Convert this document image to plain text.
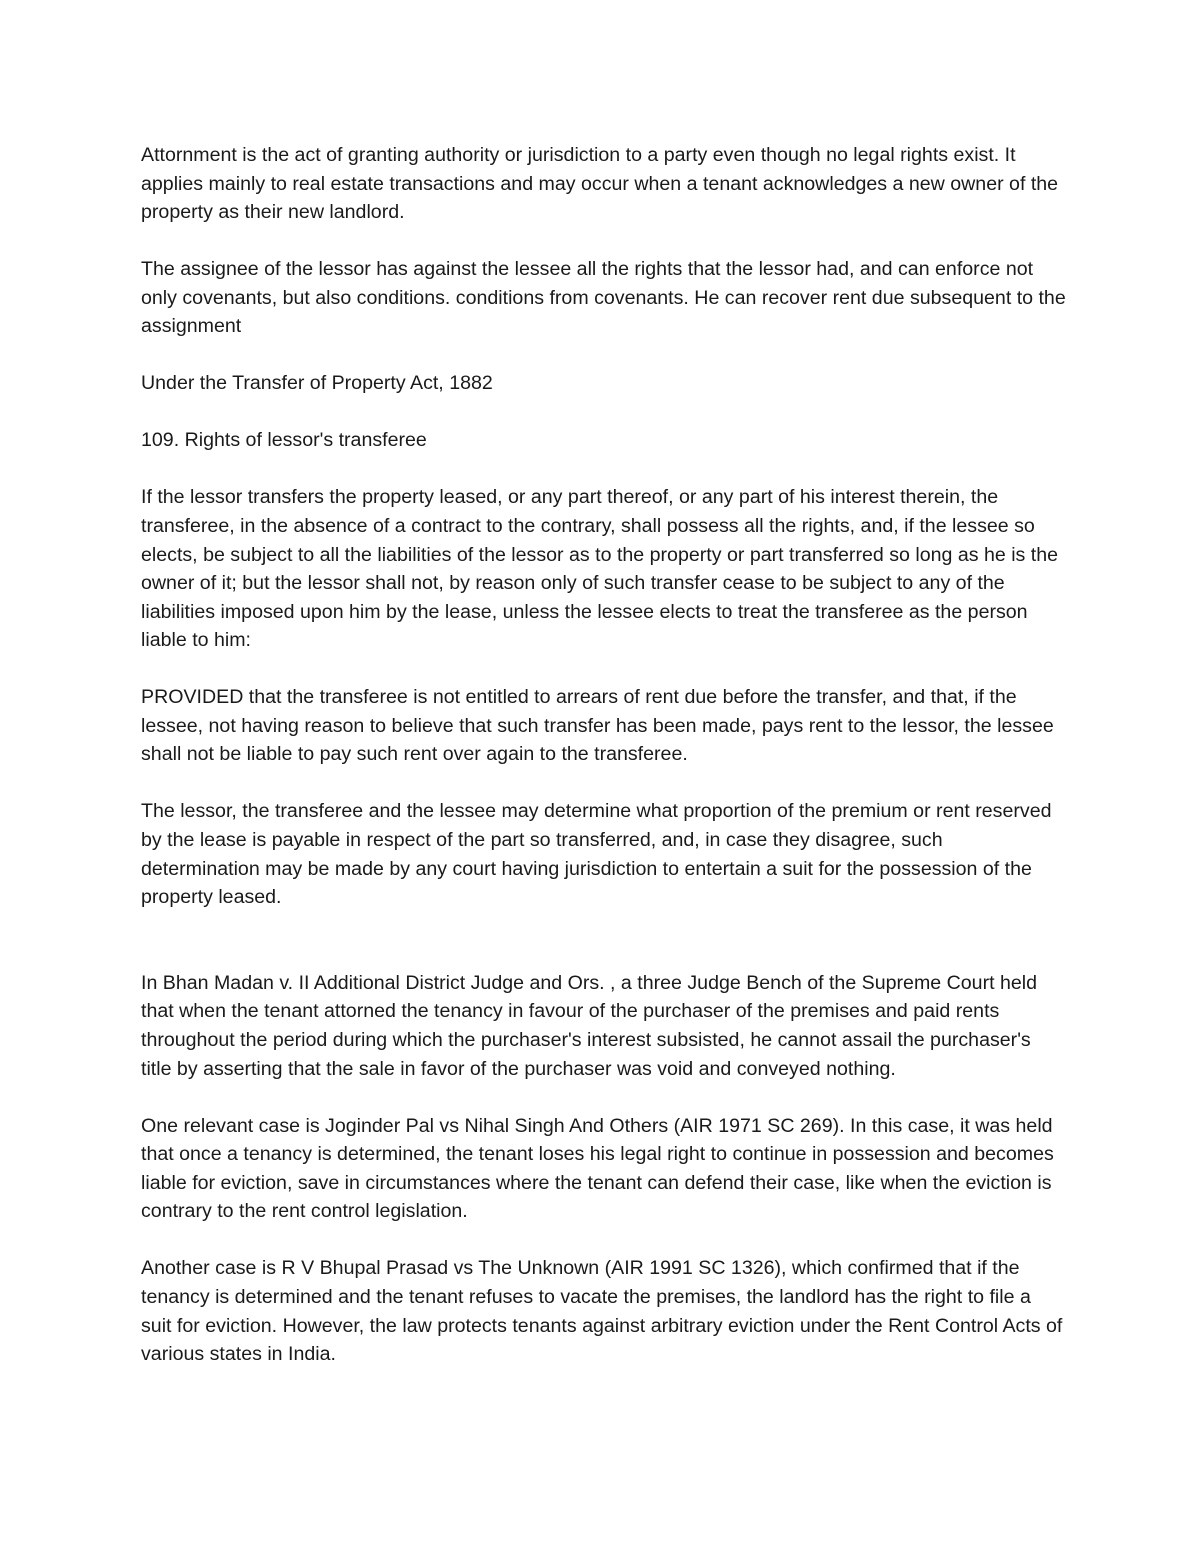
Attornment is the act of granting authority or jurisdiction to a party even though no legal rights exist. It applies mainly to real estate transactions and may occur when a tenant acknowledges a new owner of the property as their new landlord.

The assignee of the lessor has against the lessee all the rights that the lessor had, and can enforce not only covenants, but also conditions. conditions from covenants. He can recover rent due subsequent to the assignment

Under the Transfer of Property Act, 1882

109. Rights of lessor's transferee

If the lessor transfers the property leased, or any part thereof, or any part of his interest therein, the transferee, in the absence of a contract to the contrary, shall possess all the rights, and, if the lessee so elects, be subject to all the liabilities of the lessor as to the property or part transferred so long as he is the owner of it; but the lessor shall not, by reason only of such transfer cease to be subject to any of the liabilities imposed upon him by the lease, unless the lessee elects to treat the transferee as the person liable to him:

PROVIDED that the transferee is not entitled to arrears of rent due before the transfer, and that, if the lessee, not having reason to believe that such transfer has been made, pays rent to the lessor, the lessee shall not be liable to pay such rent over again to the transferee.

The lessor, the transferee and the lessee may determine what proportion of the premium or rent reserved by the lease is payable in respect of the part so transferred, and, in case they disagree, such determination may be made by any court having jurisdiction to entertain a suit for the possession of the property leased.

In Bhan Madan v. II Additional District Judge and Ors. , a three Judge Bench of the Supreme Court held that when the tenant attorned the tenancy in favour of the purchaser of the premises and paid rents throughout the period during which the purchaser's interest subsisted, he cannot assail the purchaser's title by asserting that the sale in favor of the purchaser was void and conveyed nothing.

One relevant case is Joginder Pal vs Nihal Singh And Others (AIR 1971 SC 269). In this case, it was held that once a tenancy is determined, the tenant loses his legal right to continue in possession and becomes liable for eviction, save in circumstances where the tenant can defend their case, like when the eviction is contrary to the rent control legislation.

Another case is R V Bhupal Prasad vs The Unknown (AIR 1991 SC 1326), which confirmed that if the tenancy is determined and the tenant refuses to vacate the premises, the landlord has the right to file a suit for eviction. However, the law protects tenants against arbitrary eviction under the Rent Control Acts of various states in India.
